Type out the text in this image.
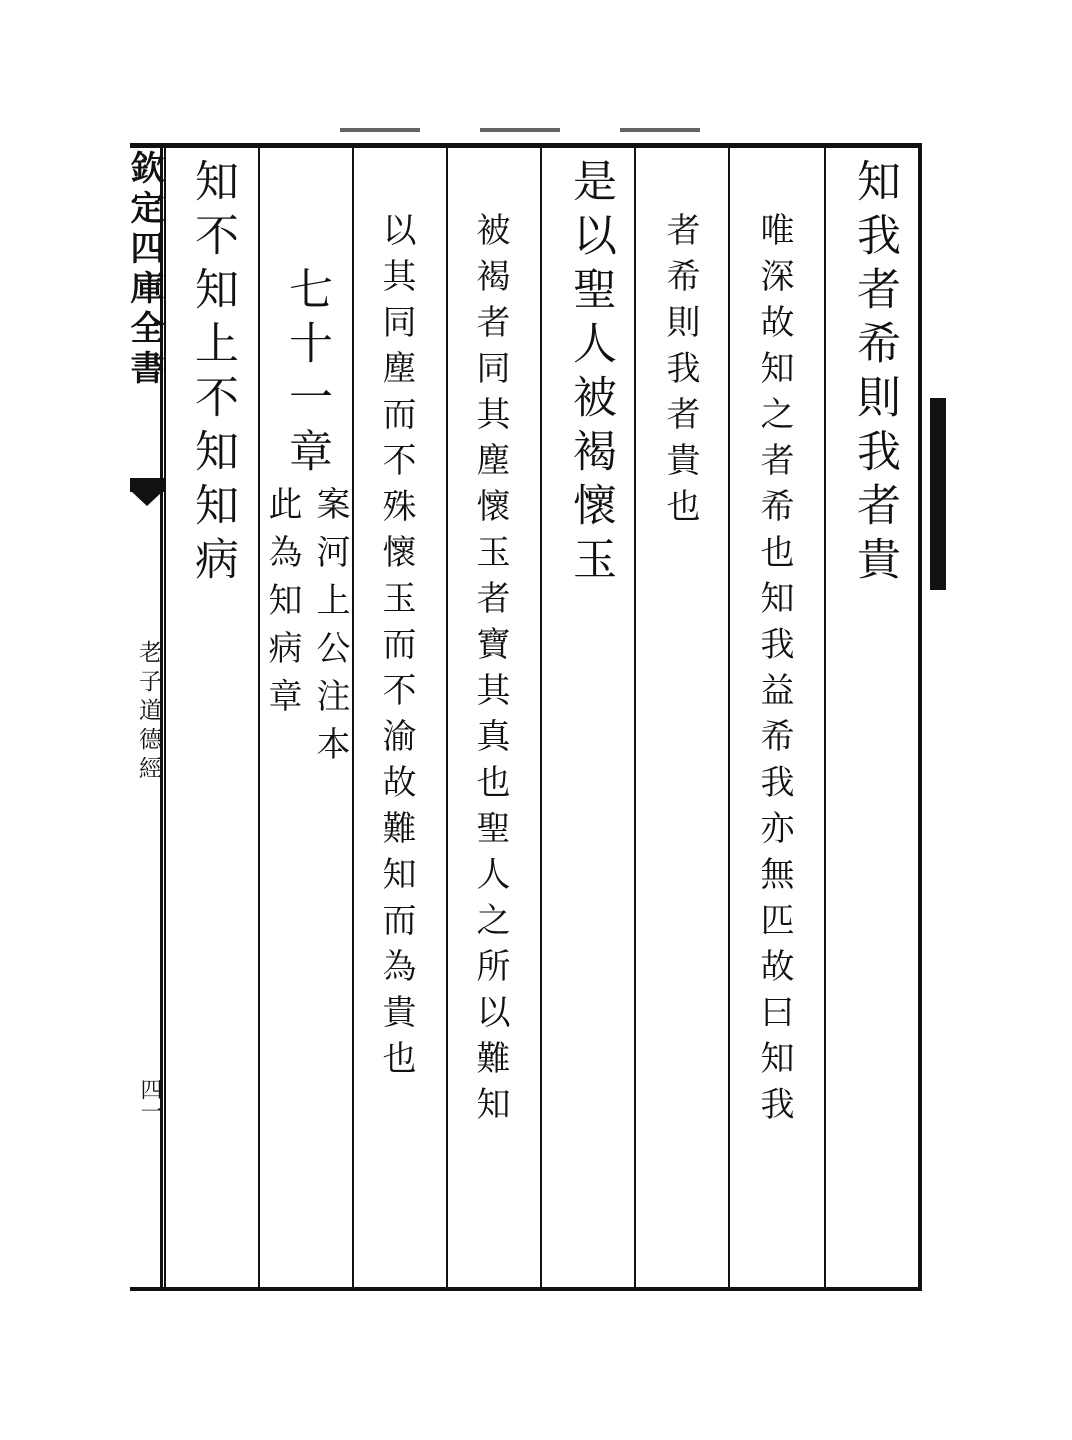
欽定四庫全書
老子道德經
四一
知我者希則我者貴
唯深故知之者希也知我益希我亦無匹故曰知我
者希則我者貴也
是以聖人被褐懷玉
被褐者同其塵懷玉者寶其真也聖人之所以難知
以其同塵而不殊懷玉而不渝故難知而為貴也
七十一章
案河上公注本
此為知病章
知不知上不知知病
